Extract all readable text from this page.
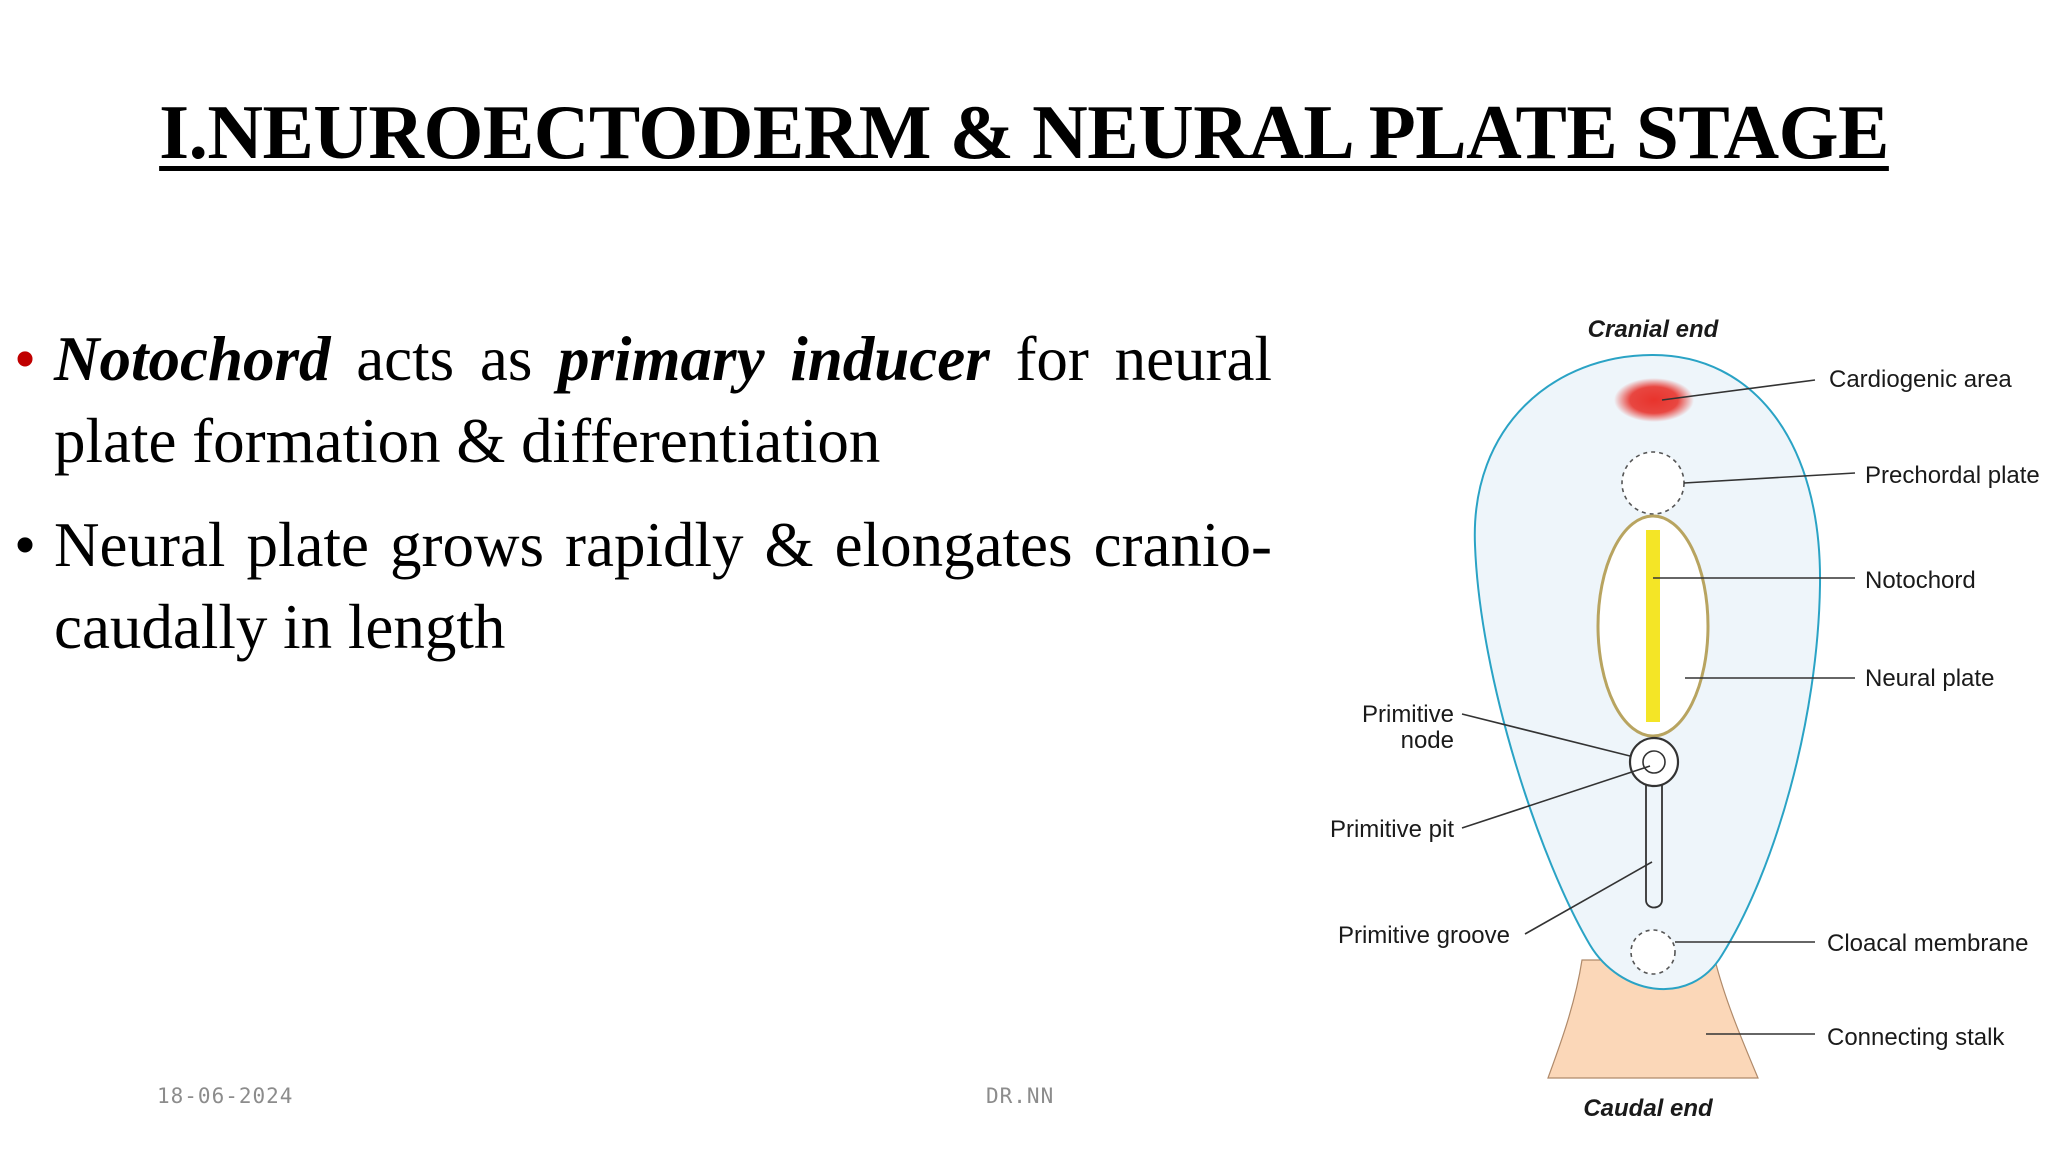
I.NEUROECTODERM & NEURAL PLATE STAGE
• Notochord acts as primary inducer for neural plate formation & differentiation
• Neural plate grows rapidly & elongates cranio-caudally in length
Cranial end
Caudal end
Cardiogenic area
Prechordal plate
Notochord
Neural plate
Primitive
node
Primitive pit
Primitive groove	Cloacal membrane
Connecting stalk
18-06-2024	DR.NN
